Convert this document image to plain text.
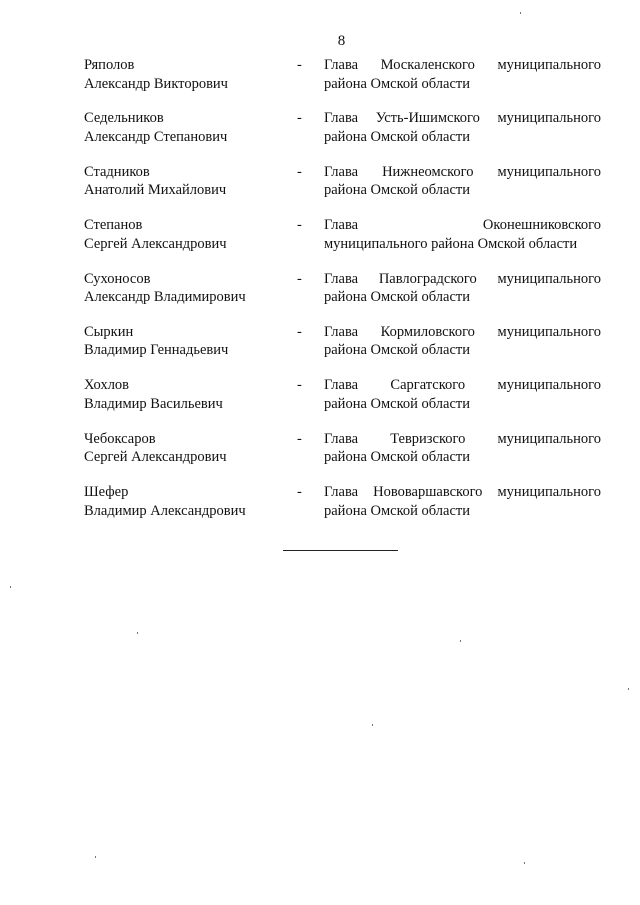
8
Ряполов
Александр Викторович
- Глава Москаленского муниципального
района Омской области
Седельников
Александр Степанович
- Глава Усть-Ишимского муниципального
района Омской области
Стадников
Анатолий Михайлович
- Глава Нижнеомского муниципального
района Омской области
Степанов
Сергей Александрович
- Глава Оконешниковского
муниципального района Омской области
Сухоносов
Александр Владимирович
- Глава Павлоградского муниципального
района Омской области
Сыркин
Владимир Геннадьевич
- Глава Кормиловского муниципального
района Омской области
Хохлов
Владимир Васильевич
- Глава Саргатского муниципального
района Омской области
Чебоксаров
Сергей Александрович
- Глава Тевризского муниципального
района Омской области
Шефер
Владимир Александрович
- Глава Нововаршавского муниципального
района Омской области
